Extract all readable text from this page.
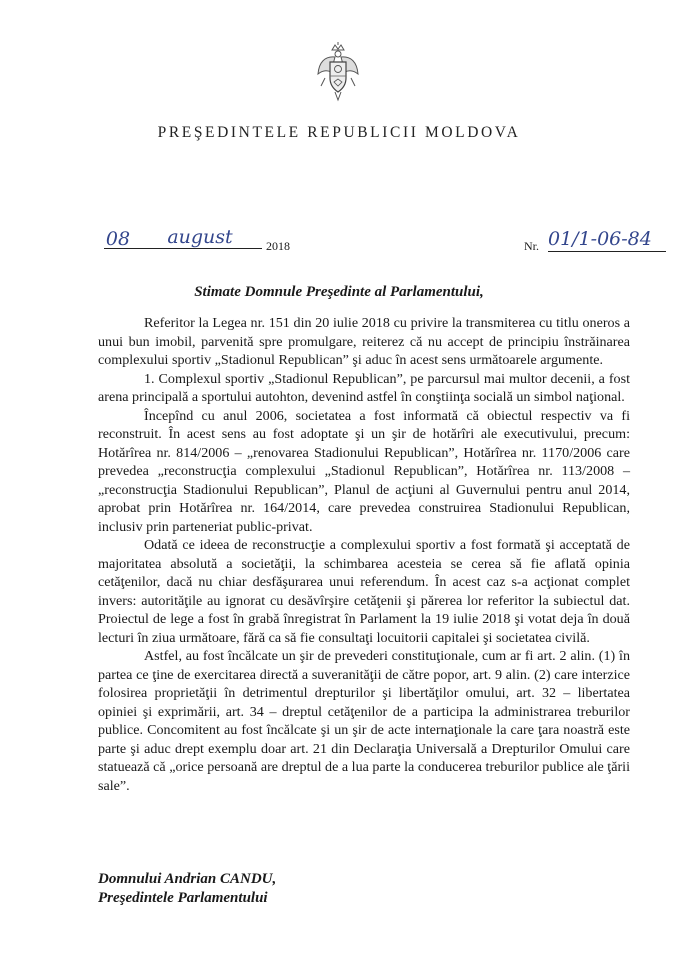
PREŞEDINTELE REPUBLICII MOLDOVA
08	august	2018	Nr. 01/1-06-84
Stimate Domnule Preşedinte al Parlamentului,

Referitor la Legea nr. 151 din 20 iulie 2018 cu privire la transmiterea cu titlu oneros a unui bun imobil, parvenită spre promulgare, reiterez că nu accept de principiu înstrăinarea complexului sportiv „Stadionul Republican” şi aduc în acest sens următoarele argumente.

1. Complexul sportiv „Stadionul Republican”, pe parcursul mai multor decenii, a fost arena principală a sportului autohton, devenind astfel în conştiinţa socială un simbol naţional.

Începînd cu anul 2006, societatea a fost informată că obiectul respectiv va fi reconstruit. În acest sens au fost adoptate şi un şir de hotărîri ale executivului, precum: Hotărîrea nr. 814/2006 – „renovarea Stadionului Republican”, Hotărîrea nr. 1170/2006 care prevedea „reconstrucţia complexului „Stadionul Republican”, Hotărîrea nr. 113/2008 – „reconstrucţia Stadionului Republican”, Planul de acţiuni al Guvernului pentru anul 2014, aprobat prin Hotărîrea nr. 164/2014, care prevedea construirea Stadionului Republican, inclusiv prin parteneriat public-privat.

Odată ce ideea de reconstrucţie a complexului sportiv a fost formată şi acceptată de majoritatea absolută a societăţii, la schimbarea acesteia se cerea să fie aflată opinia cetăţenilor, dacă nu chiar desfăşurarea unui referendum. În acest caz s-a acţionat complet invers: autorităţile au ignorat cu desăvîrşire cetăţenii şi părerea lor referitor la subiectul dat. Proiectul de lege a fost în grabă înregistrat în Parlament la 19 iulie 2018 şi votat deja în două lecturi în ziua următoare, fără ca să fie consultaţi locuitorii capitalei şi societatea civilă.

Astfel, au fost încălcate un şir de prevederi constituţionale, cum ar fi art. 2 alin. (1) în partea ce ţine de exercitarea directă a suveranităţii de către popor, art. 9 alin. (2) care interzice folosirea proprietăţii în detrimentul drepturilor şi libertăţilor omului, art. 32 – libertatea opiniei şi exprimării, art. 34 – dreptul cetăţenilor de a participa la administrarea treburilor publice. Concomitent au fost încălcate şi un şir de acte internaţionale la care ţara noastră este parte şi aduc drept exemplu doar art. 21 din Declaraţia Universală a Drepturilor Omului care statuează că „orice persoană are dreptul de a lua parte la conducerea treburilor publice ale ţării sale”.

Domnului Andrian CANDU,
Preşedintele Parlamentului
